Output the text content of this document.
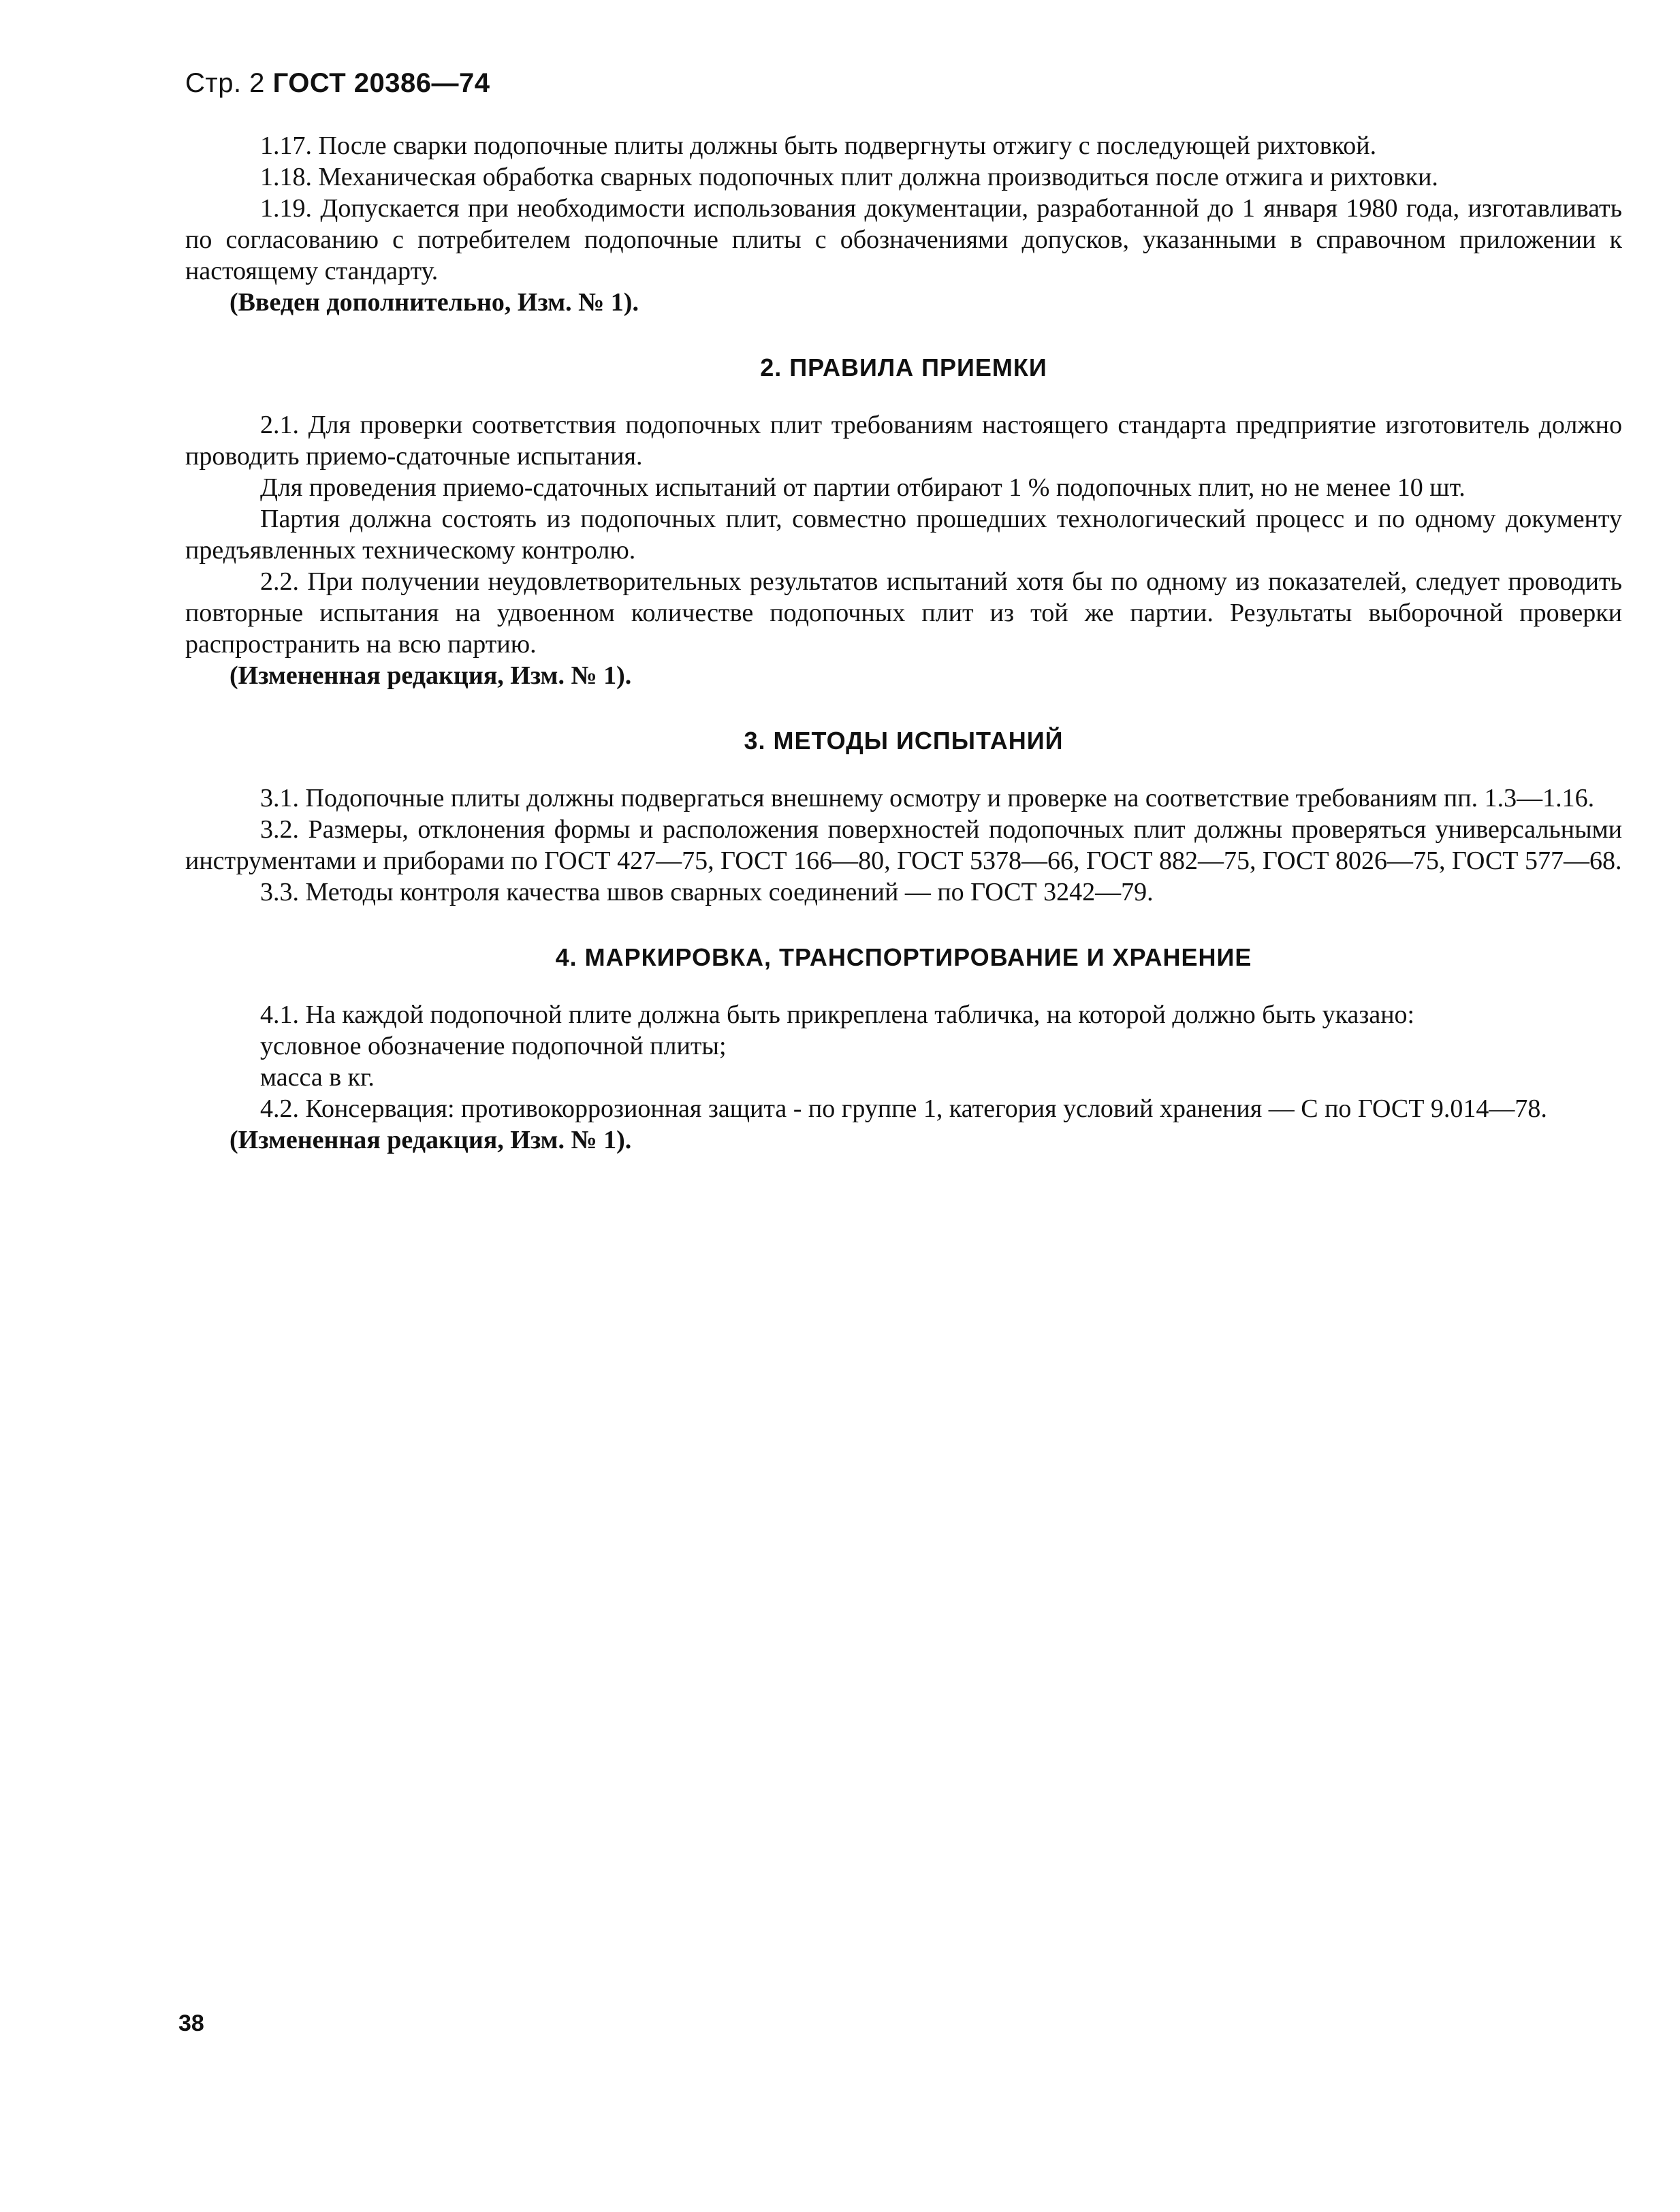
Стр. 2 ГОСТ 20386—74

1.17. После сварки подопочные плиты должны быть подвергнуты отжигу с последующей рихтовкой.

1.18. Механическая обработка сварных подопочных плит должна производиться после отжига и рихтовки.

1.19. Допускается при необходимости использования документации, разработанной до 1 января 1980 года, изготавливать по согласованию с потребителем подопочные плиты с обозначениями допусков, указанными в справочном приложении к настоящему стандарту.

(Введен дополнительно, Изм. № 1).

2. ПРАВИЛА ПРИЕМКИ

2.1. Для проверки соответствия подопочных плит требованиям настоящего стандарта предприятие изготовитель должно проводить приемо-сдаточные испытания.

Для проведения приемо-сдаточных испытаний от партии отбирают 1 % подопочных плит, но не менее 10 шт.

Партия должна состоять из подопочных плит, совместно прошедших технологический процесс и по одному документу предъявленных техническому контролю.

2.2. При получении неудовлетворительных результатов испытаний хотя бы по одному из показателей, следует проводить повторные испытания на удвоенном количестве подопочных плит из той же партии. Результаты выборочной проверки распространить на всю партию.

(Измененная редакция, Изм. № 1).

3. МЕТОДЫ ИСПЫТАНИЙ

3.1. Подопочные плиты должны подвергаться внешнему осмотру и проверке на соответствие требованиям пп. 1.3—1.16.

3.2. Размеры, отклонения формы и расположения поверхностей подопочных плит должны проверяться универсальными инструментами и приборами по ГОСТ 427—75, ГОСТ 166—80, ГОСТ 5378—66, ГОСТ 882—75, ГОСТ 8026—75, ГОСТ 577—68.

3.3. Методы контроля качества швов сварных соединений — по ГОСТ 3242—79.

4. МАРКИРОВКА, ТРАНСПОРТИРОВАНИЕ И ХРАНЕНИЕ

4.1. На каждой подопочной плите должна быть прикреплена табличка, на которой должно быть указано:

условное обозначение подопочной плиты;

масса в кг.

4.2. Консервация: противокоррозионная защита - по группе 1, категория условий хранения — С по ГОСТ 9.014—78.

(Измененная редакция, Изм. № 1).

38
